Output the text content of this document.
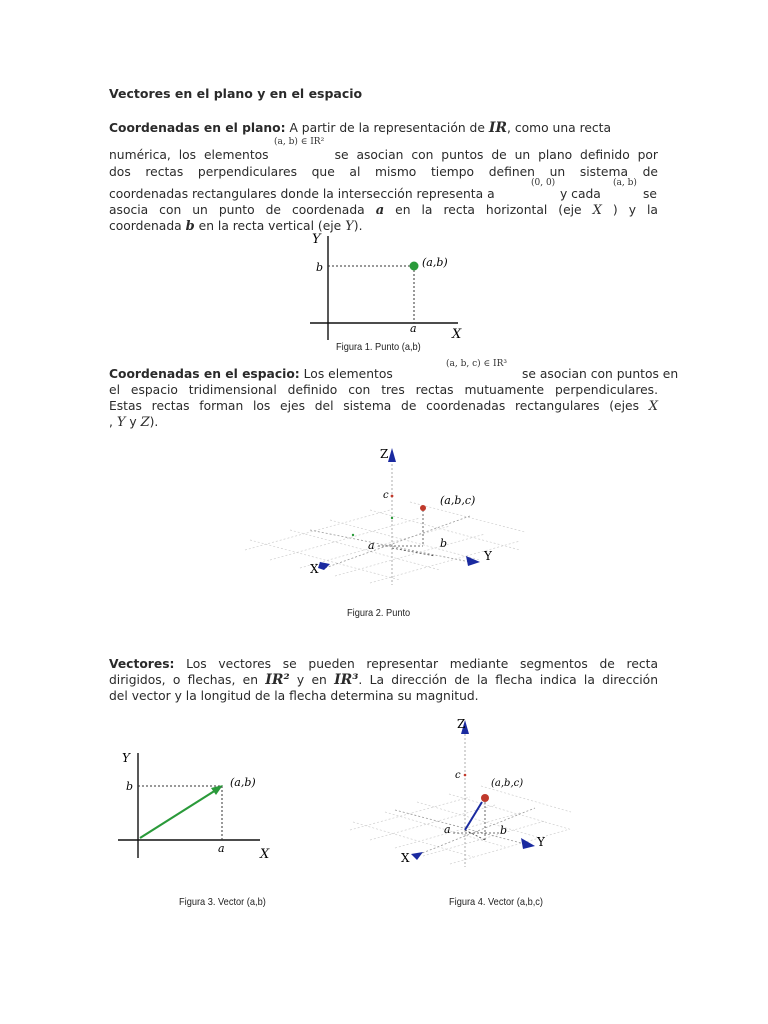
Vectores en el plano y en el espacio
Coordenadas en el plano: A partir de la representación de IR, como una recta
(a, b) ∈ IR²
numérica, los elementos	se asocian con puntos de un plano definido por
dos rectas perpendiculares que al mismo tiempo definen un sistema de
(0, 0)	(a, b)
coordenadas rectangulares donde la intersección representa a	y cada	se
asocia con un punto de coordenada a en la recta horizontal (eje X ) y la
coordenada b en la recta vertical (eje Y).
Y
X
b
a
(a,b)
Figura 1. Punto (a,b)
(a, b, c) ∈ IR³
Coordenadas en el espacio: Los elementos	se asocian con puntos en
el espacio tridimensional definido con tres rectas mutuamente perpendiculares.
Estas rectas forman los ejes del sistema de coordenadas rectangulares (ejes X
, Y y Z).
Z
X
Y
c
a	b
(a,b,c)
Figura 2. Punto
Vectores: Los vectores se pueden representar mediante segmentos de recta
dirigidos, o flechas, en IR² y en IR³. La dirección de la flecha indica la dirección
del vector y la longitud de la flecha determina su magnitud.
Y
X
b
a
(a,b)
Figura 3. Vector (a,b)
Z
X
Y
c
a	b
(a,b,c)
Figura 4. Vector (a,b,c)
